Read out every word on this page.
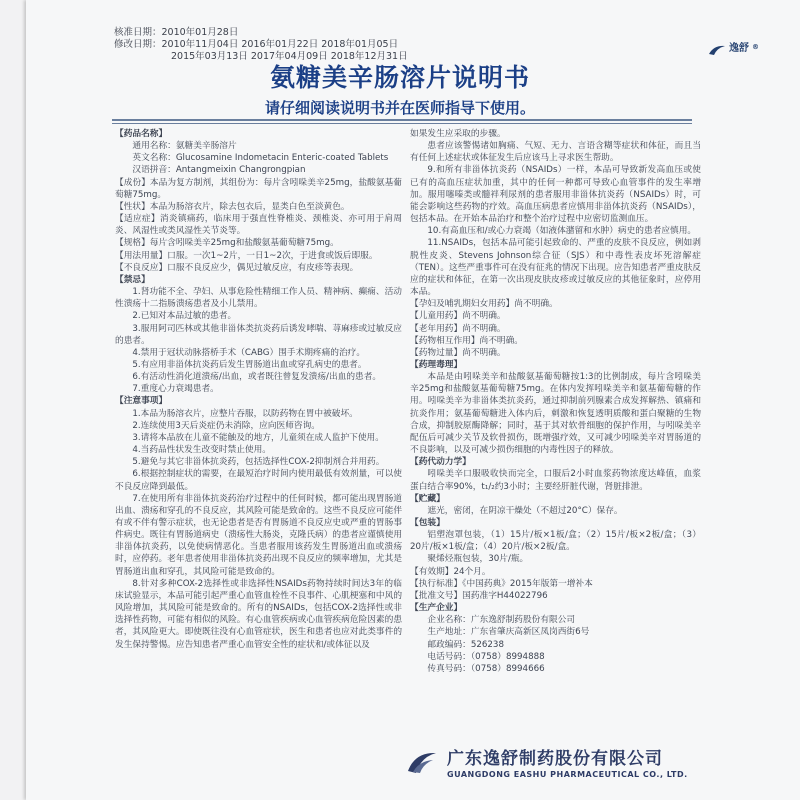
核准日期：2010年01月28日
修改日期：2010年11月04日 2016年01月22日 2018年01月05日
2015年03月13日 2017年04月09日 2018年12月31日
逸舒 ®
氨糖美辛肠溶片说明书
请仔细阅读说明书并在医师指导下使用。

【药品名称】

通用名称：氨糖美辛肠溶片

英文名称：Glucosamine Indometacin Enteric-coated Tablets

汉语拼音：Antangmeixin Changrongpian

【成份】本品为复方制剂，其组份为：每片含吲哚美辛25mg，盐酸氨基葡萄糖75mg。

【性状】本品为肠溶衣片，除去包衣后，显类白色至淡黄色。

【适应症】消炎镇痛药，临床用于强直性脊椎炎、颈椎炎、亦可用于肩周炎、风湿性或类风湿性关节炎等。

【规格】每片含吲哚美辛25mg和盐酸氨基葡萄糖75mg。

【用法用量】口服。一次1~2片，一日1~2次，于进食或饭后即服。

【不良反应】口服不良反应少，偶见过敏反应，有皮疹等表现。

【禁忌】

1.肾功能不全、孕妇、从事危险性精细工作人员、精神病、癫痫、活动性溃疡十二指肠溃疡患者及小儿禁用。

2.已知对本品过敏的患者。

3.服用阿司匹林或其他非甾体类抗炎药后诱发哮喘、荨麻疹或过敏反应的患者。

4.禁用于冠状动脉搭桥手术（CABG）围手术期疼痛的治疗。

5.有应用非甾体抗炎药后发生胃肠道出血或穿孔病史的患者。

6.有活动性消化道溃疡/出血，或者既往曾复发溃疡/出血的患者。

7.重度心力衰竭患者。

【注意事项】

1.本品为肠溶衣片，应整片吞服，以防药物在胃中被破坏。

2.连续使用3天后炎症仍未消除，应向医师咨询。

3.请将本品放在儿童不能触及的地方，儿童须在成人监护下使用。

4.当药品性状发生改变时禁止使用。

5.避免与其它非甾体抗炎药，包括选择性COX-2抑制剂合并用药。

6.根据控制症状的需要，在最短治疗时间内使用最低有效剂量，可以使不良反应降到最低。

7.在使用所有非甾体抗炎药治疗过程中的任何时候，都可能出现胃肠道出血、溃疡和穿孔的不良反应，其风险可能是致命的。这些不良反应可能伴有或不伴有警示症状，也无论患者是否有胃肠道不良反应史或严重的胃肠事件病史。既往有胃肠道病史（溃疡性大肠炎，克隆氏病）的患者应谨慎使用非甾体抗炎药，以免使病情恶化。当患者服用该药发生胃肠道出血或溃疡时，应停药。老年患者使用非甾体抗炎药出现不良反应的频率增加，尤其是胃肠道出血和穿孔，其风险可能是致命的。

8.针对多种COX-2选择性或非选择性NSAIDs药物持续时间达3年的临床试验显示，本品可能引起严重心血管血栓性不良事件、心肌梗塞和中风的风险增加，其风险可能是致命的。所有的NSAIDs，包括COX-2选择性或非选择性药物，可能有相似的风险。有心血管疾病或心血管疾病危险因素的患者，其风险更大。即使既往没有心血管症状，医生和患者也应对此类事件的发生保持警惕。应告知患者严重心血管安全性的症状和/或体征以及

如果发生应采取的步骤。

患者应该警惕诸如胸痛、气短、无力、言语含糊等症状和体征，而且当有任何上述症状或体征发生后应该马上寻求医生帮助。

9.和所有非甾体抗炎药（NSAIDs）一样，本品可导致新发高血压或使已有的高血压症状加重，其中的任何一种都可导致心血管事件的发生率增加。服用噻嗪类或髓袢利尿剂的患者服用非甾体抗炎药（NSAIDs）时，可能会影响这些药物的疗效。高血压病患者应慎用非甾体抗炎药（NSAIDs），包括本品。在开始本品治疗和整个治疗过程中应密切监测血压。

10.有高血压和/或心力衰竭（如液体潴留和水肿）病史的患者应慎用。

11.NSAIDs，包括本品可能引起致命的、严重的皮肤不良反应，例如剥脱性皮炎、Stevens Johnson综合征（SJS）和中毒性表皮坏死溶解症（TEN）。这些严重事件可在没有征兆的情况下出现。应告知患者严重皮肤反应的症状和体征，在第一次出现皮肤皮疹或过敏反应的其他征象时，应停用本品。

【孕妇及哺乳期妇女用药】尚不明确。

【儿童用药】尚不明确。

【老年用药】尚不明确。

【药物相互作用】尚不明确。

【药物过量】尚不明确。

【药理毒理】

本品是由吲哚美辛和盐酸氨基葡萄糖按1:3的比例制成，每片含吲哚美辛25mg和盐酸氨基葡萄糖75mg。在体内发挥吲哚美辛和氨基葡萄糖的作用。吲哚美辛为非甾体类抗炎药，通过抑制前列腺素合成发挥解热、镇痛和抗炎作用；氨基葡萄糖进入体内后，刺激和恢复透明质酸和蛋白聚糖的生物合成，抑制胶原酶降解；同时，基于其对软骨细胞的保护作用，与吲哚美辛配伍后可减少关节及软骨损伤，既增强疗效，又可减少吲哚美辛对胃肠道的不良影响，以及可减少损伤细胞的内毒性因子的释放。

【药代动力学】

吲哚美辛口服吸收快而完全，口服后2小时血浆药物浓度达峰值，血浆蛋白结合率90%，t₁/₂约3小时；主要经肝脏代谢，肾脏排泄。

【贮藏】

遮光，密闭，在阴凉干燥处（不超过20°C）保存。

【包装】

铝塑泡罩包装，（1）15片/板×1板/盒；（2）15片/板×2板/盒；（3）20片/板×1板/盒；（4）20片/板×2板/盒。

聚烯烃瓶包装，30片/瓶。

【有效期】24个月。

【执行标准】《中国药典》2015年版第一增补本

【批准文号】国药准字H44022796

【生产企业】

企业名称：广东逸舒制药股份有限公司

生产地址：广东省肇庆高新区凤岗西街6号

邮政编码：526238

电话号码：（0758）8994888

传真号码：（0758）8994666

广东逸舒制药股份有限公司
GUANGDONG EASHU PHARMACEUTICAL CO., LTD.
